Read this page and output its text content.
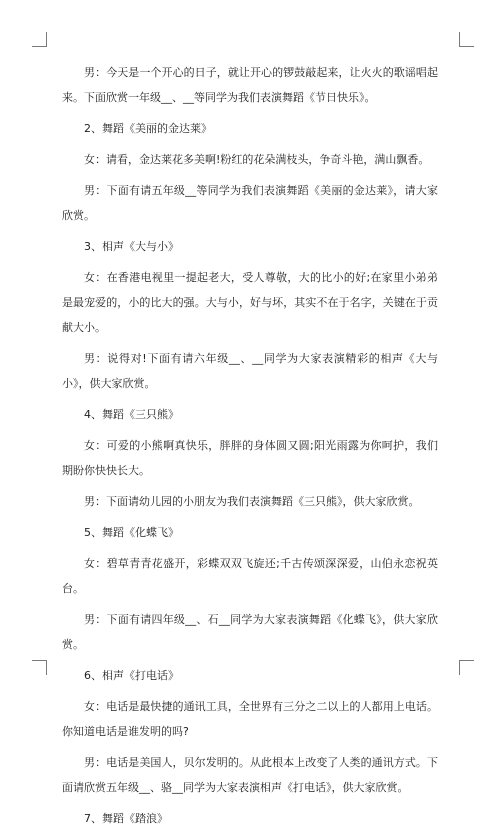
男：今天是一个开心的日子，就让开心的锣鼓敲起来，让火火的歌谣唱起来。下面欣赏一年级__、__等同学为我们表演舞蹈《节日快乐》。

2、舞蹈《美丽的金达莱》

女：请看，金达莱花多美啊!粉红的花朵满枝头，争奇斗艳，满山飘香。

男：下面有请五年级__等同学为我们表演舞蹈《美丽的金达莱》，请大家欣赏。

3、相声《大与小》

女：在香港电视里一提起老大，受人尊敬，大的比小的好;在家里小弟弟是最宠爱的，小的比大的强。大与小，好与坏，其实不在于名字，关键在于贡献大小。

男：说得对!下面有请六年级__、__同学为大家表演精彩的相声《大与小》，供大家欣赏。

4、舞蹈《三只熊》

女：可爱的小熊啊真快乐，胖胖的身体圆又圆;阳光雨露为你呵护，我们期盼你快快长大。

男：下面请幼儿园的小朋友为我们表演舞蹈《三只熊》，供大家欣赏。

5、舞蹈《化蝶飞》

女：碧草青青花盛开，彩蝶双双飞旋还;千古传颂深深爱，山伯永恋祝英台。

男：下面有请四年级__、石__同学为大家表演舞蹈《化蝶飞》，供大家欣赏。

6、相声《打电话》

女：电话是最快捷的通讯工具，全世界有三分之二以上的人都用上电话。你知道电话是谁发明的吗?

男：电话是美国人，贝尔发明的。从此根本上改变了人类的通讯方式。下面请欣赏五年级__、骆__同学为大家表演相声《打电话》，供大家欣赏。

7、舞蹈《踏浪》
